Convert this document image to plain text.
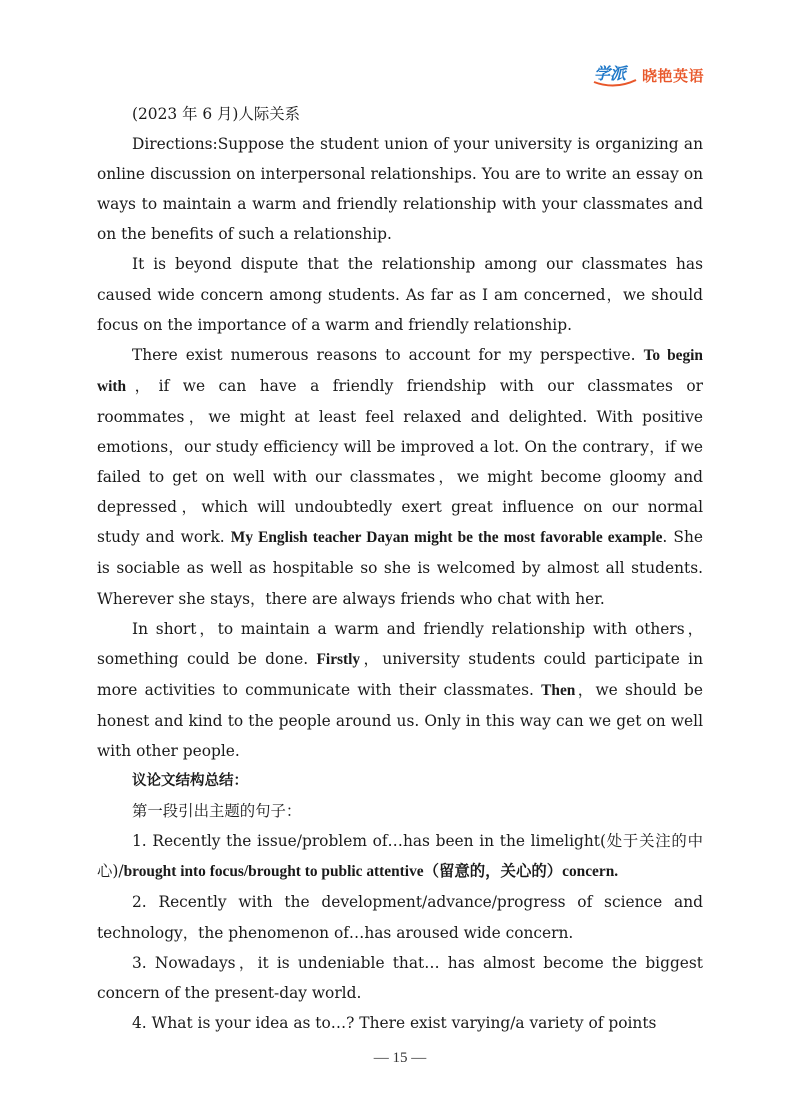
学派 晓艳英语

(2023 年 6 月)人际关系

Directions:Suppose the student union of your university is organizing an online discussion on interpersonal relationships. You are to write an essay on ways to maintain a warm and friendly relationship with your classmates and on the benefits of such a relationship.

It is beyond dispute that the relationship among our classmates has caused wide concern among students. As far as I am concerned，we should focus on the importance of a warm and friendly relationship.

There exist numerous reasons to account for my perspective. To begin with，if we can have a friendly friendship with our classmates or roommates，we might at least feel relaxed and delighted. With positive emotions，our study efficiency will be improved a lot. On the contrary，if we failed to get on well with our classmates，we might become gloomy and depressed，which will undoubtedly exert great influence on our normal study and work. My English teacher Dayan might be the most favorable example. She is sociable as well as hospitable so she is welcomed by almost all students. Wherever she stays，there are always friends who chat with her.

In short，to maintain a warm and friendly relationship with others，something could be done. Firstly，university students could participate in more activities to communicate with their classmates. Then，we should be honest and kind to the people around us. Only in this way can we get on well with other people.

议论文结构总结：

第一段引出主题的句子：

1. Recently the issue/problem of…has been in the limelight(处于关注的中心)/brought into focus/brought to public attentive（留意的，关心的）concern.

2. Recently with the development/advance/progress of science and technology，the phenomenon of…has aroused wide concern.

3. Nowadays，it is undeniable that… has almost become the biggest concern of the present-day world.

4. What is your idea as to…? There exist varying/a variety of points

— 15 —
